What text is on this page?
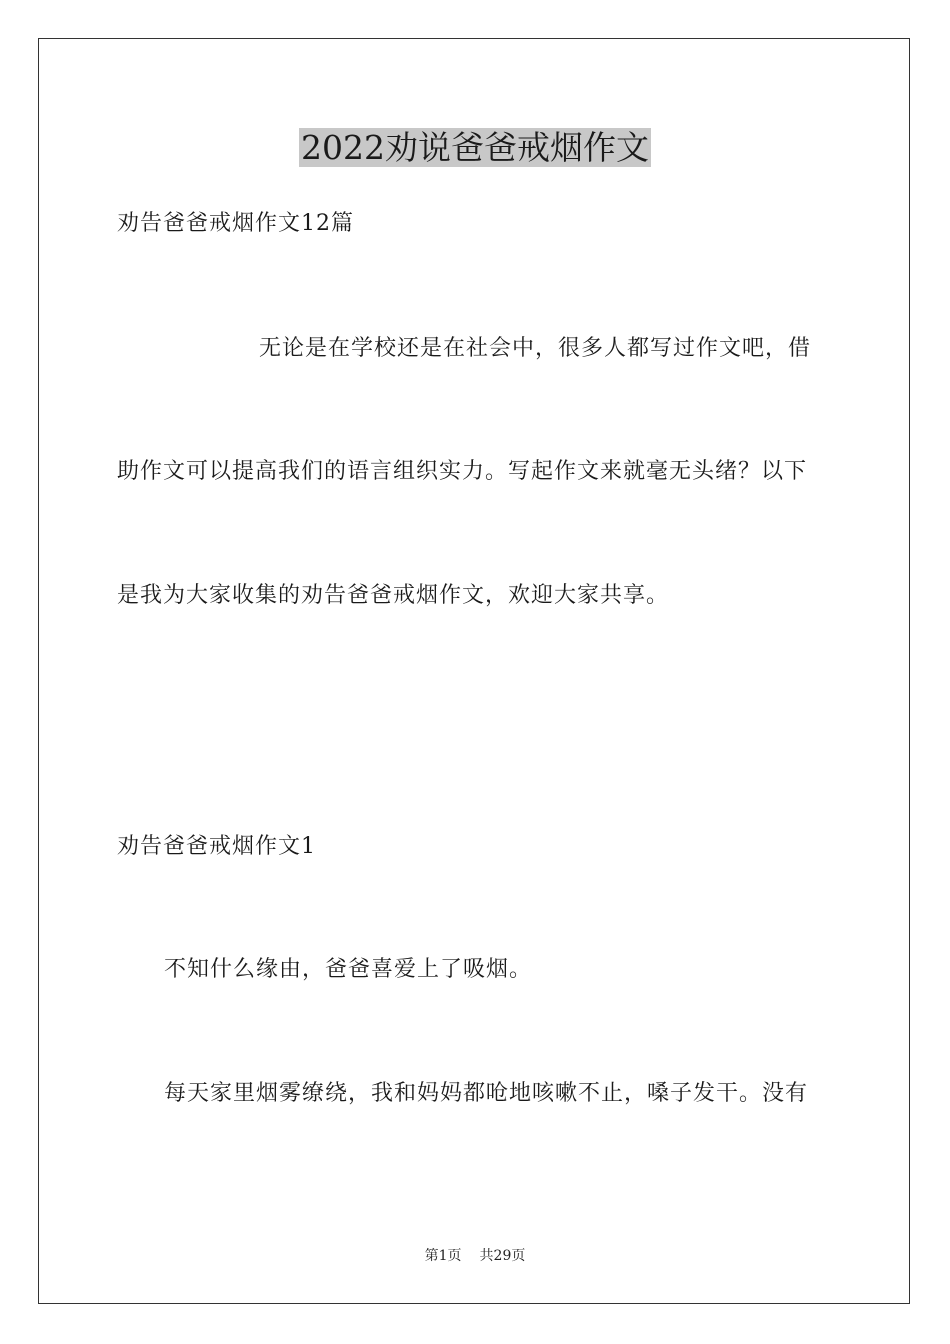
2022劝说爸爸戒烟作文

劝告爸爸戒烟作文12篇

无论是在学校还是在社会中，很多人都写过作文吧，借

助作文可以提高我们的语言组织实力。写起作文来就毫无头绪？以下

是我为大家收集的劝告爸爸戒烟作文，欢迎大家共享。

劝告爸爸戒烟作文1

不知什么缘由，爸爸喜爱上了吸烟。

每天家里烟雾缭绕，我和妈妈都呛地咳嗽不止，嗓子发干。没有

第1页 共29页
